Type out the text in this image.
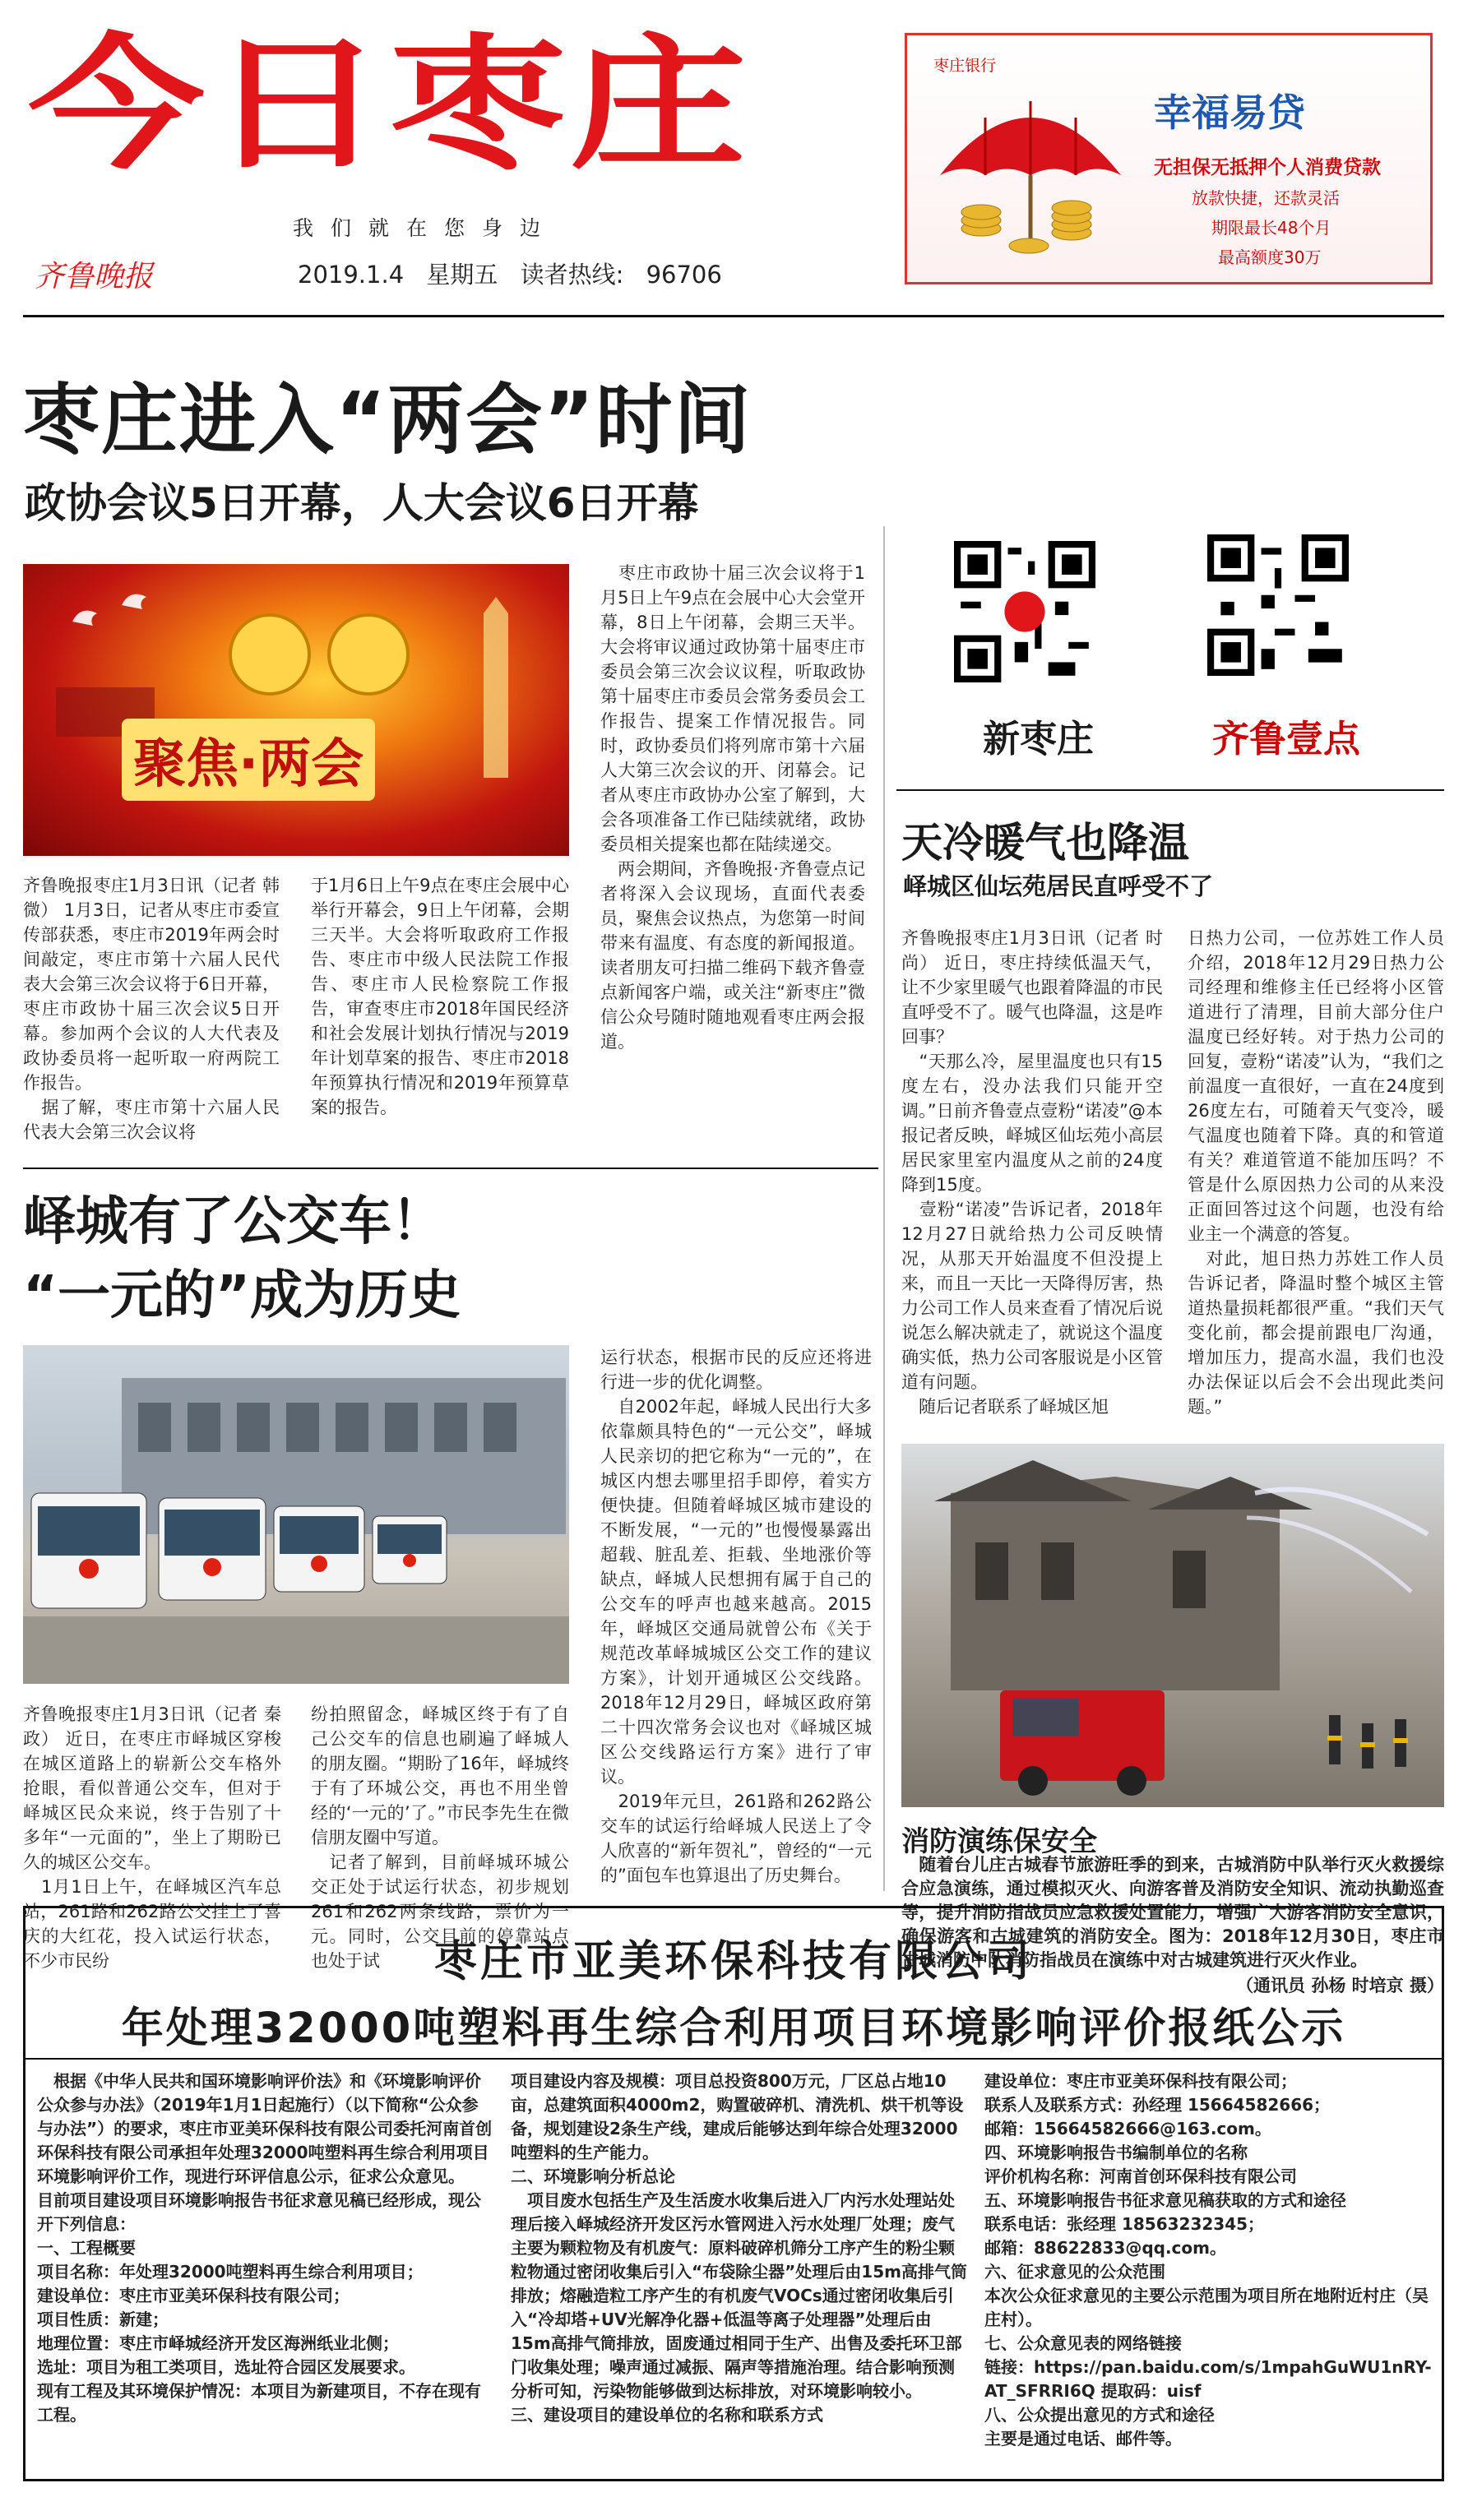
今日枣庄
我们就在您身边
齐鲁晚报	2019.1.4 星期五 读者热线: 96706
枣庄银行
幸福易贷
无担保无抵押个人消费贷款
放款快捷，还款灵活
期限最长48个月
最高额度30万
枣庄进入“两会”时间
政协会议5日开幕，人大会议6日开幕
聚焦·两会
齐鲁晚报枣庄1月3日讯（记者 韩微） 1月3日，记者从枣庄市委宣传部获悉，枣庄市2019年两会时间敲定，枣庄市第十六届人民代表大会第三次会议将于6日开幕，枣庄市政协十届三次会议5日开幕。参加两个会议的人大代表及政协委员将一起听取一府两院工作报告。
　据了解，枣庄市第十六届人民代表大会第三次会议将
于1月6日上午9点在枣庄会展中心举行开幕会，9日上午闭幕，会期三天半。大会将听取政府工作报告、枣庄市中级人民法院工作报告、枣庄市人民检察院工作报告，审查枣庄市2018年国民经济和社会发展计划执行情况与2019年计划草案的报告、枣庄市2018年预算执行情况和2019年预算草案的报告。
　枣庄市政协十届三次会议将于1月5日上午9点在会展中心大会堂开幕，8日上午闭幕，会期三天半。大会将审议通过政协第十届枣庄市委员会第三次会议议程，听取政协第十届枣庄市委员会常务委员会工作报告、提案工作情况报告。同时，政协委员们将列席市第十六届人大第三次会议的开、闭幕会。记者从枣庄市政协办公室了解到，大会各项准备工作已陆续就绪，政协委员相关提案也都在陆续递交。
　两会期间，齐鲁晚报·齐鲁壹点记者将深入会议现场，直面代表委员，聚焦会议热点，为您第一时间带来有温度、有态度的新闻报道。读者朋友可扫描二维码下载齐鲁壹点新闻客户端，或关注“新枣庄”微信公众号随时随地观看枣庄两会报道。
新枣庄	齐鲁壹点
天冷暖气也降温
峄城区仙坛苑居民直呼受不了
齐鲁晚报枣庄1月3日讯（记者 时尚） 近日，枣庄持续低温天气，让不少家里暖气也跟着降温的市民直呼受不了。暖气也降温，这是咋回事？
　“天那么冷，屋里温度也只有15度左右，没办法我们只能开空调。”日前齐鲁壹点壹粉“诺凌”@本报记者反映，峄城区仙坛苑小高层居民家里室内温度从之前的24度降到15度。
　壹粉“诺凌”告诉记者，2018年12月27日就给热力公司反映情况，从那天开始温度不但没提上来，而且一天比一天降得厉害，热力公司工作人员来查看了情况后说说怎么解决就走了，就说这个温度确实低，热力公司客服说是小区管道有问题。
　随后记者联系了峄城区旭
日热力公司，一位苏姓工作人员介绍，2018年12月29日热力公司经理和维修主任已经将小区管道进行了清理，目前大部分住户温度已经好转。对于热力公司的回复，壹粉“诺凌”认为，“我们之前温度一直很好，一直在24度到26度左右，可随着天气变冷，暖气温度也随着下降。真的和管道有关？难道管道不能加压吗？不管是什么原因热力公司的从来没正面回答过这个问题，也没有给业主一个满意的答复。
　对此，旭日热力苏姓工作人员告诉记者，降温时整个城区主管道热量损耗都很严重。“我们天气变化前，都会提前跟电厂沟通，增加压力，提高水温，我们也没办法保证以后会不会出现此类问题。”
峄城有了公交车！
“一元的”成为历史
齐鲁晚报枣庄1月3日讯（记者 秦政） 近日，在枣庄市峄城区穿梭在城区道路上的崭新公交车格外抢眼，看似普通公交车，但对于峄城区民众来说，终于告别了十多年“一元面的”，坐上了期盼已久的城区公交车。
　1月1日上午，在峄城区汽车总站，261路和262路公交挂上了喜庆的大红花，投入试运行状态，不少市民纷
纷拍照留念，峄城区终于有了自己公交车的信息也刷遍了峄城人的朋友圈。“期盼了16年，峄城终于有了环城公交，再也不用坐曾经的‘一元的’了。”市民李先生在微信朋友圈中写道。
　记者了解到，目前峄城环城公交正处于试运行状态，初步规划261和262两条线路，票价为一元。同时，公交目前的停靠站点也处于试
运行状态，根据市民的反应还将进行进一步的优化调整。
　自2002年起，峄城人民出行大多依靠颇具特色的“一元公交”，峄城人民亲切的把它称为“一元的”，在城区内想去哪里招手即停，着实方便快捷。但随着峄城区城市建设的不断发展，“一元的”也慢慢暴露出超载、脏乱差、拒载、坐地涨价等缺点，峄城人民想拥有属于自己的公交车的呼声也越来越高。2015年，峄城区交通局就曾公布《关于规范改革峄城城区公交工作的建议方案》，计划开通城区公交线路。2018年12月29日，峄城区政府第二十四次常务会议也对《峄城区城区公交线路运行方案》进行了审议。
　2019年元旦，261路和262路公交车的试运行给峄城人民送上了令人欣喜的“新年贺礼”，曾经的“一元的”面包车也算退出了历史舞台。
消防演练保安全
　随着台儿庄古城春节旅游旺季的到来，古城消防中队举行灭火救援综合应急演练，通过模拟灭火、向游客普及消防安全知识、流动执勤巡查等，提升消防指战员应急救援处置能力，增强广大游客消防安全意识，确保游客和古城建筑的消防安全。图为：2018年12月30日，枣庄市古城消防中队消防指战员在演练中对古城建筑进行灭火作业。
（通讯员 孙杨 时培京 摄）
枣庄市亚美环保科技有限公司
年处理32000吨塑料再生综合利用项目环境影响评价报纸公示
　根据《中华人民共和国环境影响评价法》和《环境影响评价公众参与办法》（2019年1月1日起施行）（以下简称“公众参与办法”）的要求，枣庄市亚美环保科技有限公司委托河南首创环保科技有限公司承担年处理32000吨塑料再生综合利用项目环境影响评价工作，现进行环评信息公示，征求公众意见。
目前项目建设项目环境影响报告书征求意见稿已经形成，现公开下列信息：
一、工程概要
项目名称：年处理32000吨塑料再生综合利用项目；
建设单位：枣庄市亚美环保科技有限公司；
项目性质：新建；
地理位置：枣庄市峄城经济开发区海洲纸业北侧；
选址：项目为租工类项目，选址符合园区发展要求。
现有工程及其环境保护情况：本项目为新建项目，不存在现有工程。
项目建设内容及规模：项目总投资800万元，厂区总占地10亩，总建筑面积4000m2，购置破碎机、清洗机、烘干机等设备，规划建设2条生产线，建成后能够达到年综合处理32000吨塑料的生产能力。
二、环境影响分析总论
　项目废水包括生产及生活废水收集后进入厂内污水处理站处理后接入峄城经济开发区污水管网进入污水处理厂处理；废气主要为颗粒物及有机废气：原料破碎机筛分工序产生的粉尘颗粒物通过密闭收集后引入“布袋除尘器”处理后由15m高排气筒排放；熔融造粒工序产生的有机废气VOCs通过密闭收集后引入“冷却塔+UV光解净化器+低温等离子处理器”处理后由15m高排气筒排放，固废通过相同于生产、出售及委托环卫部门收集处理；噪声通过减振、隔声等措施治理。结合影响预测分析可知，污染物能够做到达标排放，对环境影响较小。
三、建设项目的建设单位的名称和联系方式
建设单位：枣庄市亚美环保科技有限公司；
联系人及联系方式：孙经理 15664582666；
邮箱：15664582666@163.com。
四、环境影响报告书编制单位的名称
评价机构名称：河南首创环保科技有限公司
五、环境影响报告书征求意见稿获取的方式和途径
联系电话：张经理 18563232345；
邮箱：88622833@qq.com。
六、征求意见的公众范围
本次公众征求意见的主要公示范围为项目所在地附近村庄（吴庄村）。
七、公众意见表的网络链接
链接：https://pan.baidu.com/s/1mpahGuWU1nRY-AT_SFRRI6Q 提取码：uisf
八、公众提出意见的方式和途径
主要是通过电话、邮件等。
